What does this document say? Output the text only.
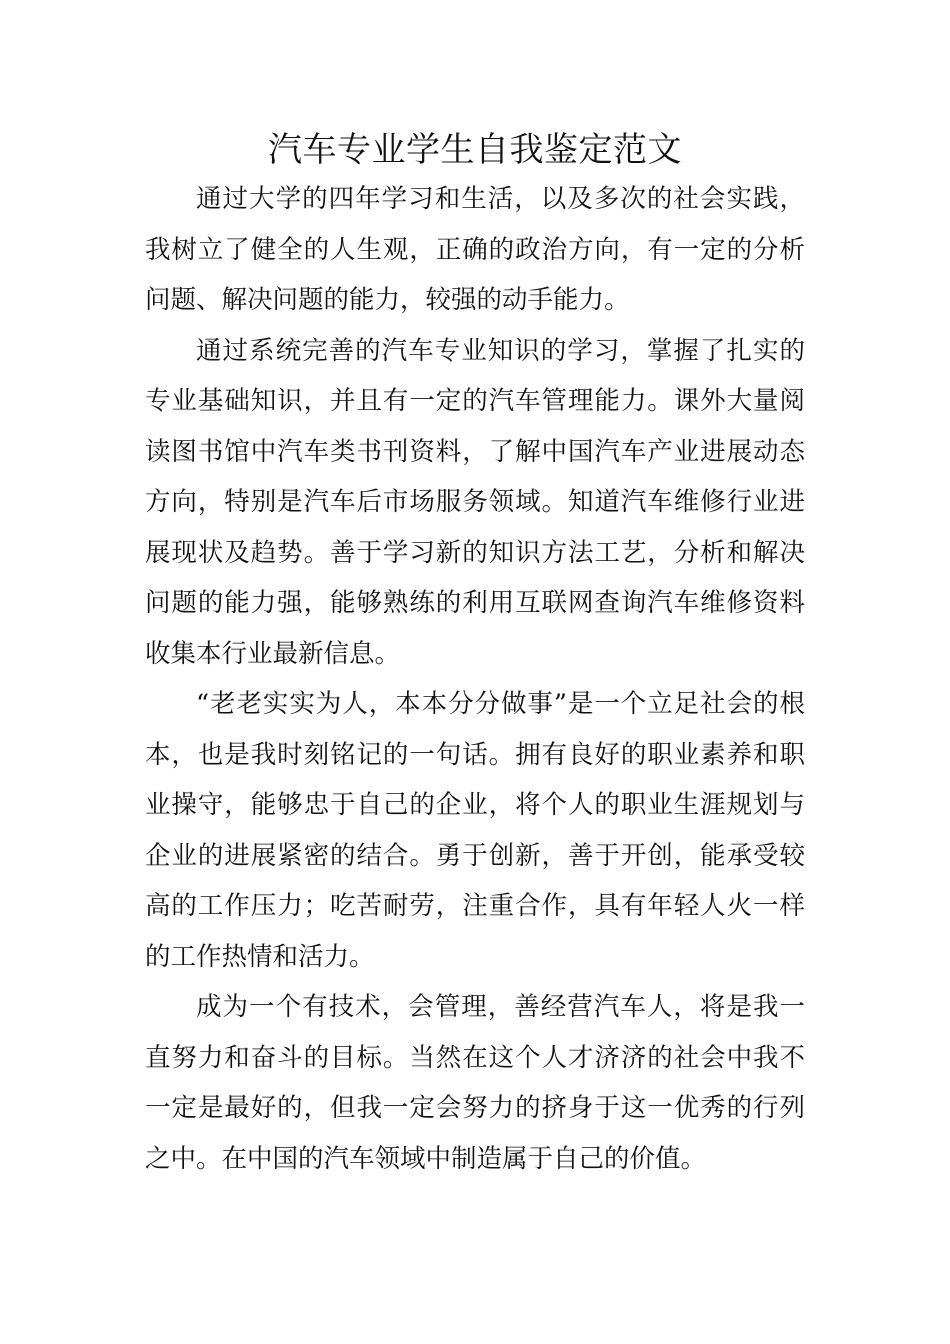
汽车专业学生自我鉴定范文

通过大学的四年学习和生活，以及多次的社会实践，我树立了健全的人生观，正确的政治方向，有一定的分析问题、解决问题的能力，较强的动手能力。

通过系统完善的汽车专业知识的学习，掌握了扎实的专业基础知识，并且有一定的汽车管理能力。课外大量阅读图书馆中汽车类书刊资料，了解中国汽车产业进展动态方向，特别是汽车后市场服务领域。知道汽车维修行业进展现状及趋势。善于学习新的知识方法工艺，分析和解决问题的能力强，能够熟练的利用互联网查询汽车维修资料收集本行业最新信息。

“老老实实为人，本本分分做事”是一个立足社会的根本，也是我时刻铭记的一句话。拥有良好的职业素养和职业操守，能够忠于自己的企业，将个人的职业生涯规划与企业的进展紧密的结合。勇于创新，善于开创，能承受较高的工作压力；吃苦耐劳，注重合作，具有年轻人火一样的工作热情和活力。

成为一个有技术，会管理，善经营汽车人，将是我一直努力和奋斗的目标。当然在这个人才济济的社会中我不一定是最好的，但我一定会努力的挤身于这一优秀的行列之中。在中国的汽车领域中制造属于自己的价值。
